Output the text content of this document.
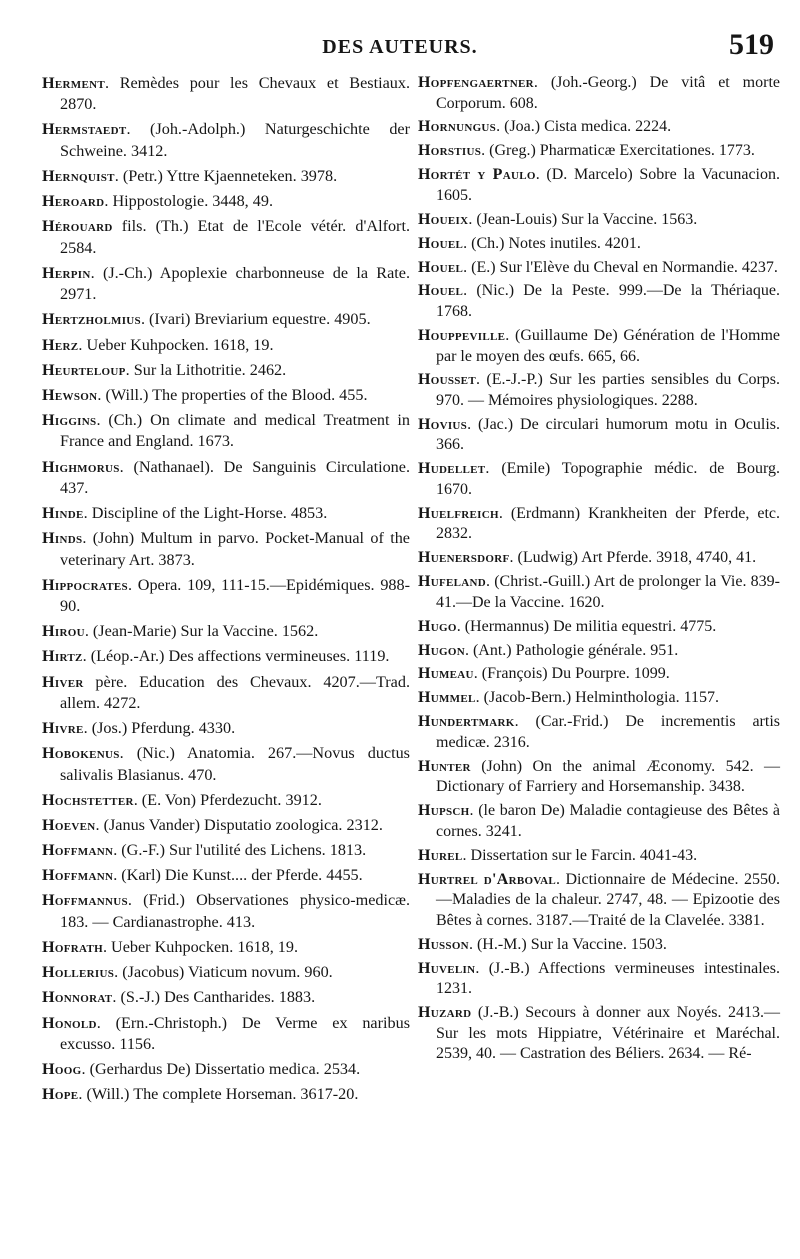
DES AUTEURS.	519

Herment. Remèdes pour les Chevaux et Bestiaux. 2870.

Hermstaedt. (Joh.-Adolph.) Naturgeschichte der Schweine. 3412.

Hernquist. (Petr.) Yttre Kjaenneteken. 3978.

Heroard. Hippostologie. 3448, 49.

Hérouard fils. (Th.) Etat de l'Ecole vétér. d'Alfort. 2584.

Herpin. (J.-Ch.) Apoplexie charbonneuse de la Rate. 2971.

Hertzholmius. (Ivari) Breviarium equestre. 4905.

Herz. Ueber Kuhpocken. 1618, 19.

Heurteloup. Sur la Lithotritie. 2462.

Hewson. (Will.) The properties of the Blood. 455.

Higgins. (Ch.) On climate and medical Treatment in France and England. 1673.

Highmorus. (Nathanael). De Sanguinis Circulatione. 437.

Hinde. Discipline of the Light-Horse. 4853.

Hinds. (John) Multum in parvo. Pocket-Manual of the veterinary Art. 3873.

Hippocrates. Opera. 109, 111-15.—Epidémiques. 988-90.

Hirou. (Jean-Marie) Sur la Vaccine. 1562.

Hirtz. (Léop.-Ar.) Des affections vermineuses. 1119.

Hiver père. Education des Chevaux. 4207.—Trad. allem. 4272.

Hivre. (Jos.) Pferdung. 4330.

Hobokenus. (Nic.) Anatomia. 267.—Novus ductus salivalis Blasianus. 470.

Hochstetter. (E. Von) Pferdezucht. 3912.

Hoeven. (Janus Vander) Disputatio zoologica. 2312.

Hoffmann. (G.-F.) Sur l'utilité des Lichens. 1813.

Hoffmann. (Karl) Die Kunst.... der Pferde. 4455.

Hoffmannus. (Frid.) Observationes physico-medicæ. 183. — Cardianastrophe. 413.

Hofrath. Ueber Kuhpocken. 1618, 19.

Hollerius. (Jacobus) Viaticum novum. 960.

Honnorat. (S.-J.) Des Cantharides. 1883.

Honold. (Ern.-Christoph.) De Verme ex naribus excusso. 1156.

Hoog. (Gerhardus De) Dissertatio medica. 2534.

Hope. (Will.) The complete Horseman. 3617-20.

Hopfengaertner. (Joh.-Georg.) De vitâ et morte Corporum. 608.

Hornungus. (Joa.) Cista medica. 2224.

Horstius. (Greg.) Pharmaticæ Exercitationes. 1773.

Hortét y Paulo. (D. Marcelo) Sobre la Vacunacion. 1605.

Houeix. (Jean-Louis) Sur la Vaccine. 1563.

Houel. (Ch.) Notes inutiles. 4201.

Houel. (E.) Sur l'Elève du Cheval en Normandie. 4237.

Houel. (Nic.) De la Peste. 999.—De la Thériaque. 1768.

Houppeville. (Guillaume De) Génération de l'Homme par le moyen des œufs. 665, 66.

Housset. (E.-J.-P.) Sur les parties sensibles du Corps. 970. — Mémoires physiologiques. 2288.

Hovius. (Jac.) De circulari humorum motu in Oculis. 366.

Hudellet. (Emile) Topographie médic. de Bourg. 1670.

Huelfreich. (Erdmann) Krankheiten der Pferde, etc. 2832.

Huenersdorf. (Ludwig) Art Pferde. 3918, 4740, 41.

Hufeland. (Christ.-Guill.) Art de prolonger la Vie. 839-41.—De la Vaccine. 1620.

Hugo. (Hermannus) De militia equestri. 4775.

Hugon. (Ant.) Pathologie générale. 951.

Humeau. (François) Du Pourpre. 1099.

Hummel. (Jacob-Bern.) Helminthologia. 1157.

Hundertmark. (Car.-Frid.) De incrementis artis medicæ. 2316.

Hunter (John) On the animal Æconomy. 542. — Dictionary of Farriery and Horsemanship. 3438.

Hupsch. (le baron De) Maladie contagieuse des Bêtes à cornes. 3241.

Hurel. Dissertation sur le Farcin. 4041-43.

Hurtrel d'Arboval. Dictionnaire de Médecine. 2550.—Maladies de la chaleur. 2747, 48. — Epizootie des Bêtes à cornes. 3187.—Traité de la Clavelée. 3381.

Husson. (H.-M.) Sur la Vaccine. 1503.

Huvelin. (J.-B.) Affections vermineuses intestinales. 1231.

Huzard (J.-B.) Secours à donner aux Noyés. 2413.—Sur les mots Hippiatre, Vétérinaire et Maréchal. 2539, 40. — Castration des Béliers. 2634. — Ré-
